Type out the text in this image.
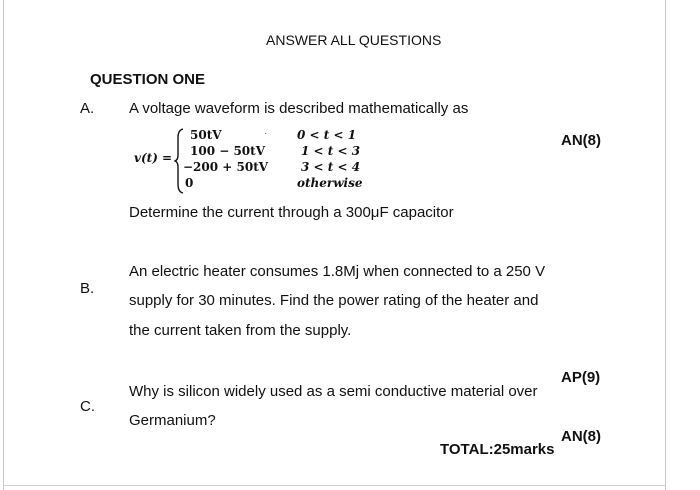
ANSWER ALL QUESTIONS
QUESTION ONE
A. A voltage waveform is described mathematically as
v(t) =
50tV
100 − 50tV
−200 + 50tV
0
· 0 < t < 1
1 < t < 3
3 < t < 4
otherwise
AN(8)
Determine the current through a 300μF capacitor
An electric heater consumes 1.8Mj when connected to a 250 V
B.
supply for 30 minutes. Find the power rating of the heater and
the current taken from the supply.
AP(9)
Why is silicon widely used as a semi conductive material over
C.
Germanium?
AN(8)
TOTAL:25marks
